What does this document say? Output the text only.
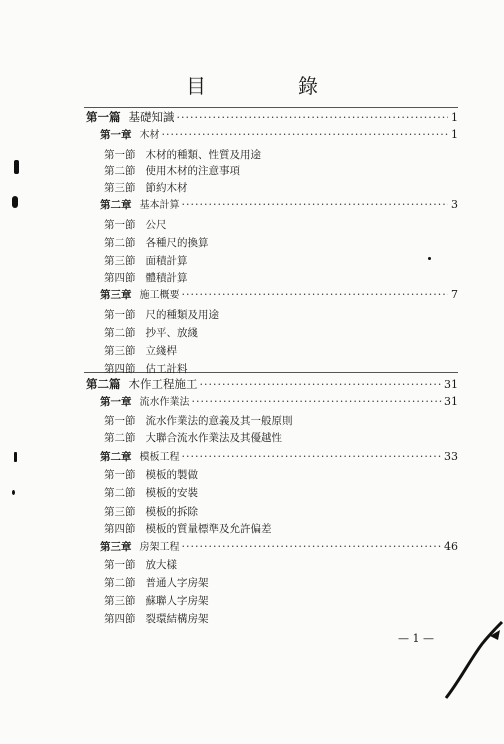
目　錄
第一篇 基礎知識 ·····	1
第一章 木材 ·····	1
第一節 木材的種類、性質及用途
第二節 使用木材的注意事項
第三節 節約木材
第二章 基本計算 ·····	3
第一節 公尺
第二節 各種尺的換算
第三節 面積計算
第四節 體積計算
第三章 施工概要 ·····	7
第一節 尺的種類及用途
第二節 抄平、放綫
第三節 立綫桿
第四節 估工計料
第二篇 木作工程施工 ·····	31
第一章 流水作業法 ·····	31
第一節 流水作業法的意義及其一般原則
第二節 大聯合流水作業法及其優越性
第二章 模板工程 ·····	33
第一節 模板的製做
第二節 模板的安裝
第三節 模板的拆除
第四節 模板的質量標準及允許偏差
第三章 房架工程 ·····	46
第一節 放大樣
第二節 普通人字房架
第三節 蘇聯人字房架
第四節 裂環結構房架
— 1 —
